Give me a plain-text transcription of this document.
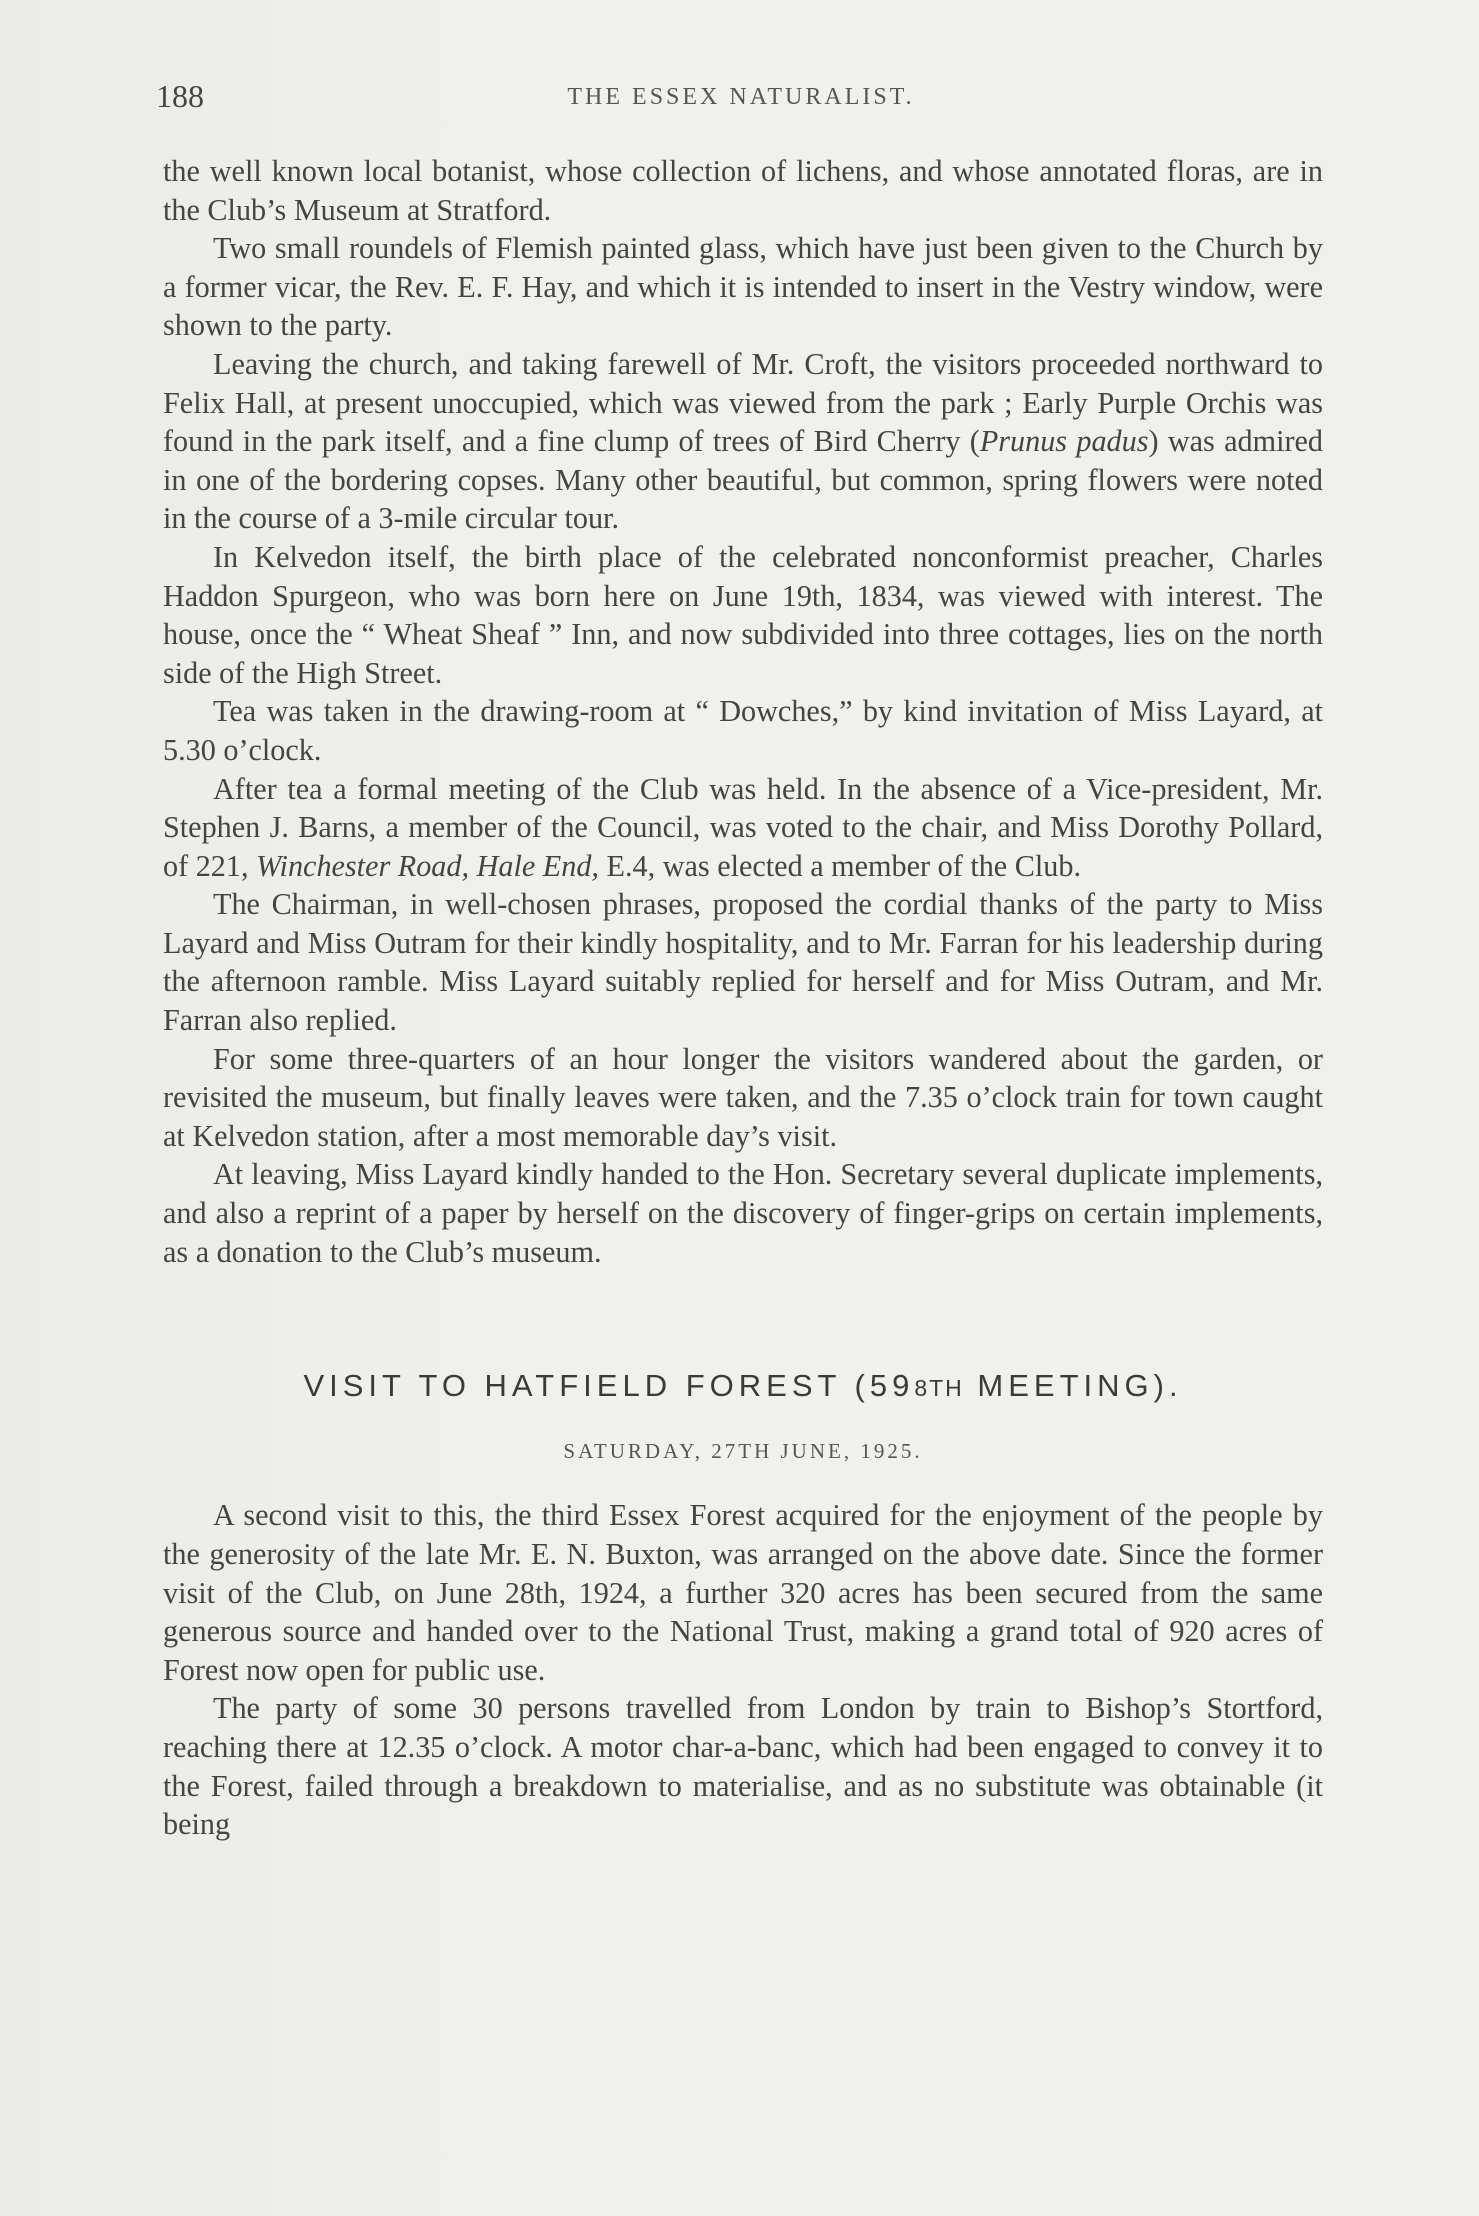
188	THE ESSEX NATURALIST.

the well known local botanist, whose collection of lichens, and whose annotated floras, are in the Club’s Museum at Stratford.

Two small roundels of Flemish painted glass, which have just been given to the Church by a former vicar, the Rev. E. F. Hay, and which it is intended to insert in the Vestry window, were shown to the party.

Leaving the church, and taking farewell of Mr. Croft, the visitors proceeded northward to Felix Hall, at present unoccupied, which was viewed from the park ; Early Purple Orchis was found in the park itself, and a fine clump of trees of Bird Cherry (Prunus padus) was admired in one of the bordering copses. Many other beautiful, but common, spring flowers were noted in the course of a 3-mile circular tour.

In Kelvedon itself, the birth place of the celebrated nonconformist preacher, Charles Haddon Spurgeon, who was born here on June 19th, 1834, was viewed with interest. The house, once the “ Wheat Sheaf ” Inn, and now subdivided into three cottages, lies on the north side of the High Street.

Tea was taken in the drawing-room at “ Dowches,” by kind invitation of Miss Layard, at 5.30 o’clock.

After tea a formal meeting of the Club was held. In the absence of a Vice-president, Mr. Stephen J. Barns, a member of the Council, was voted to the chair, and Miss Dorothy Pollard, of 221, Winchester Road, Hale End, E.4, was elected a member of the Club.

The Chairman, in well-chosen phrases, proposed the cordial thanks of the party to Miss Layard and Miss Outram for their kindly hospitality, and to Mr. Farran for his leadership during the afternoon ramble. Miss Layard suitably replied for herself and for Miss Outram, and Mr. Farran also replied.

For some three-quarters of an hour longer the visitors wandered about the garden, or revisited the museum, but finally leaves were taken, and the 7.35 o’clock train for town caught at Kelvedon station, after a most memorable day’s visit.

At leaving, Miss Layard kindly handed to the Hon. Secretary several duplicate implements, and also a reprint of a paper by herself on the discovery of finger-grips on certain implements, as a donation to the Club’s museum.

VISIT TO HATFIELD FOREST (598TH MEETING).
SATURDAY, 27TH JUNE, 1925.

A second visit to this, the third Essex Forest acquired for the enjoyment of the people by the generosity of the late Mr. E. N. Buxton, was arranged on the above date. Since the former visit of the Club, on June 28th, 1924, a further 320 acres has been secured from the same generous source and handed over to the National Trust, making a grand total of 920 acres of Forest now open for public use.

The party of some 30 persons travelled from London by train to Bishop’s Stortford, reaching there at 12.35 o’clock. A motor char-a-banc, which had been engaged to convey it to the Forest, failed through a breakdown to materialise, and as no substitute was obtainable (it being
